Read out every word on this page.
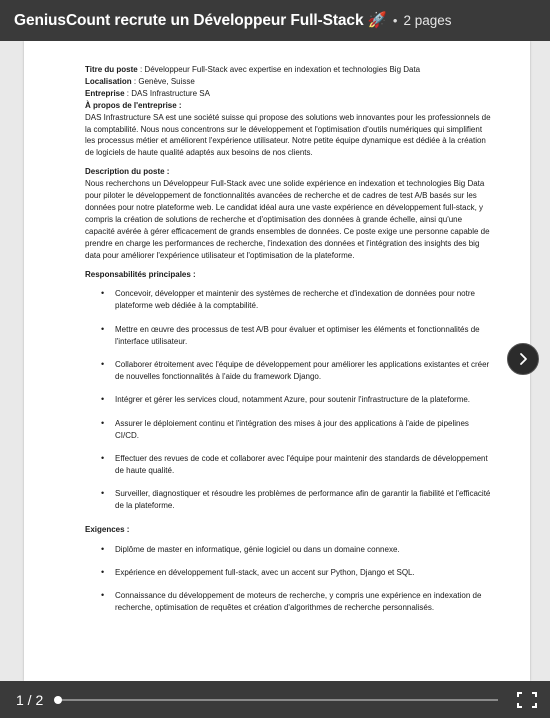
GeniusCount recrute un Développeur Full-Stack 🚀 • 2 pages

Titre du poste : Développeur Full-Stack avec expertise en indexation et technologies Big Data

Localisation : Genève, Suisse

Entreprise : DAS Infrastructure SA

À propos de l'entreprise :

DAS Infrastructure SA est une société suisse qui propose des solutions web innovantes pour les professionnels de la comptabilité. Nous nous concentrons sur le développement et l'optimisation d'outils numériques qui simplifient les processus métier et améliorent l'expérience utilisateur. Notre petite équipe dynamique est dédiée à la création de logiciels de haute qualité adaptés aux besoins de nos clients.

Description du poste :

Nous recherchons un Développeur Full-Stack avec une solide expérience en indexation et technologies Big Data pour piloter le développement de fonctionnalités avancées de recherche et de cadres de test A/B basés sur les données pour notre plateforme web. Le candidat idéal aura une vaste expérience en développement full-stack, y compris la création de solutions de recherche et d'optimisation des données à grande échelle, ainsi qu'une capacité avérée à gérer efficacement de grands ensembles de données. Ce poste exige une personne capable de prendre en charge les performances de recherche, l'indexation des données et l'intégration des insights des big data pour améliorer l'expérience utilisateur et l'optimisation de la plateforme.

Responsabilités principales :

• Concevoir, développer et maintenir des systèmes de recherche et d'indexation de données pour notre plateforme web dédiée à la comptabilité.
• Mettre en œuvre des processus de test A/B pour évaluer et optimiser les éléments et fonctionnalités de l'interface utilisateur.
• Collaborer étroitement avec l'équipe de développement pour améliorer les applications existantes et créer de nouvelles fonctionnalités à l'aide du framework Django.
• Intégrer et gérer les services cloud, notamment Azure, pour soutenir l'infrastructure de la plateforme.
• Assurer le déploiement continu et l'intégration des mises à jour des applications à l'aide de pipelines CI/CD.
• Effectuer des revues de code et collaborer avec l'équipe pour maintenir des standards de développement de haute qualité.
• Surveiller, diagnostiquer et résoudre les problèmes de performance afin de garantir la fiabilité et l'efficacité de la plateforme.

Exigences :

• Diplôme de master en informatique, génie logiciel ou dans un domaine connexe.
• Expérience en développement full-stack, avec un accent sur Python, Django et SQL.
• Connaissance du développement de moteurs de recherche, y compris une expérience en indexation de recherche, optimisation de requêtes et création d'algorithmes de recherche personnalisés.
1 / 2
